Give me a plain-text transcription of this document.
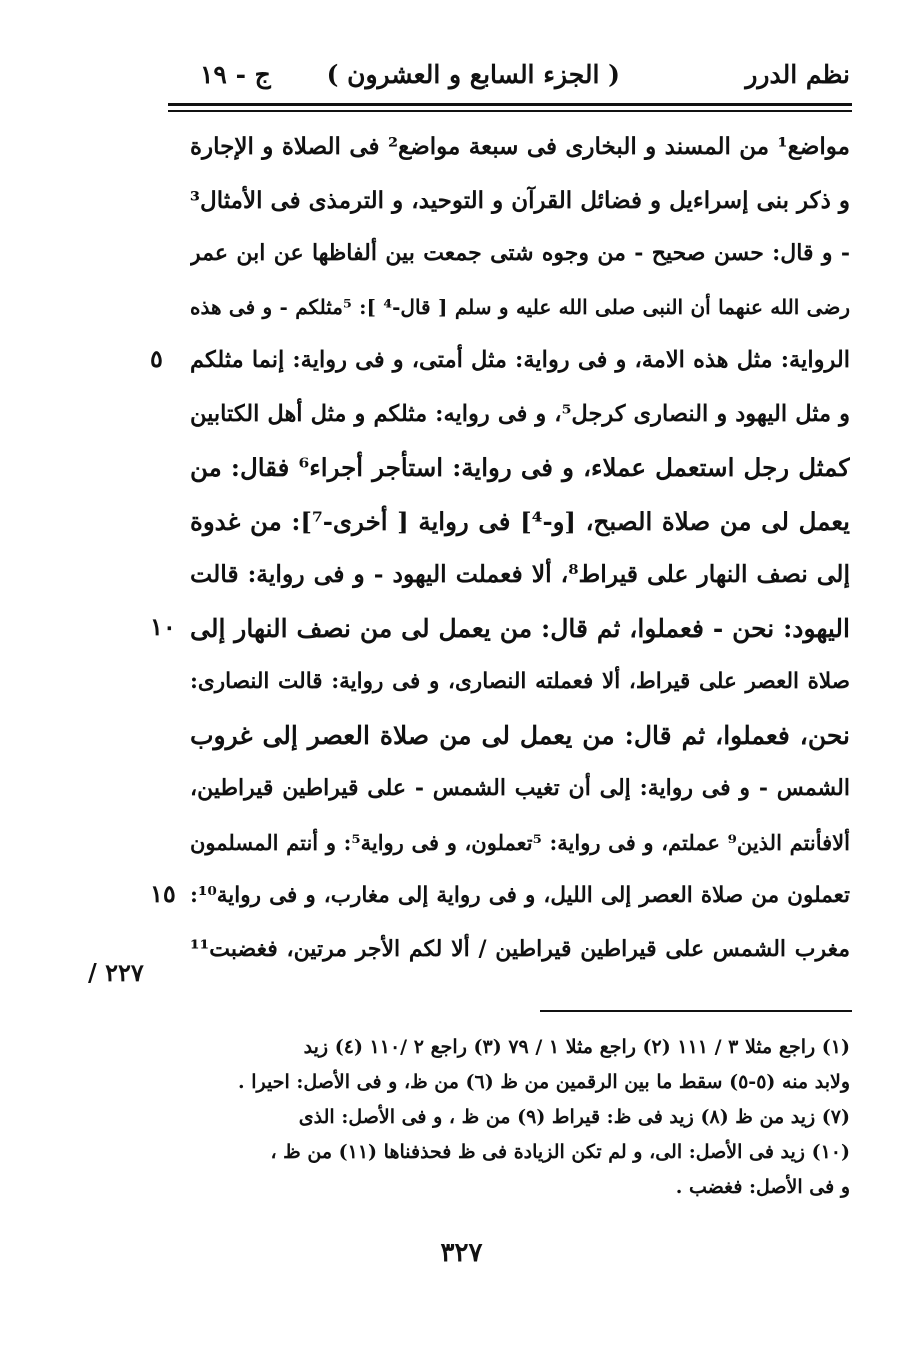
نظم الدرر
( الجزء السابع و العشرون )
ج - ١٩
مواضع¹ من المسند و البخارى فى سبعة مواضع² فى الصلاة و الإجارة
و ذكر بنى إسراءيل و فضائل القرآن و التوحيد، و الترمذى فى الأمثال³
- و قال: حسن صحيح - من وجوه شتى جمعت بين ألفاظها عن ابن عمر
رضى الله عنهما أن النبى صلى الله عليه و سلم [ قال-⁴ ]: ⁵مثلكم - و فى هذه
الرواية: مثل هذه الامة، و فى رواية: مثل أمتى، و فى رواية: إنما مثلكم
و مثل اليهود و النصارى كرجل⁵، و فى روايه: مثلكم و مثل أهل الكتابين
كمثل رجل استعمل عملاء، و فى رواية: استأجر أجراء⁶ فقال: من
يعمل لى من صلاة الصبح، [و-⁴] فى رواية [ أخرى-⁷]: من غدوة
إلى نصف النهار على قيراط⁸، ألا فعملت اليهود - و فى رواية: قالت
اليهود: نحن - فعملوا، ثم قال: من يعمل لى من نصف النهار إلى
صلاة العصر على قيراط، ألا فعملته النصارى، و فى رواية: قالت النصارى:
نحن، فعملوا، ثم قال: من يعمل لى من صلاة العصر إلى غروب
الشمس - و فى رواية: إلى أن تغيب الشمس - على قيراطين قيراطين،
ألافأنتم الذين⁹ عملتم، و فى رواية: ⁵تعملون، و فى رواية⁵: و أنتم المسلمون
تعملون من صلاة العصر إلى الليل، و فى رواية إلى مغارب، و فى رواية¹⁰:
مغرب الشمس على قيراطين قيراطين / ألا لكم الأجر مرتين، فغضبت¹¹
٥
١٠
١٥
٢٢٧ /
(١) راجع مثلا ٣ / ١١١ (٢) راجع مثلا ١ / ٧٩ (٣) راجع ٢ /١١٠ (٤) زيد
ولابد منه (٥-٥) سقط ما بين الرقمين من ظ (٦) من ظ، و فى الأصل: احيرا .
(٧) زيد من ظ (٨) زيد فى ظ: قيراط (٩) من ظ ، و فى الأصل: الذى
(١٠) زيد فى الأصل: الى، و لم تكن الزيادة فى ظ فحذفناها (١١) من ظ ،
و فى الأصل: فغضب .
٣٢٧
